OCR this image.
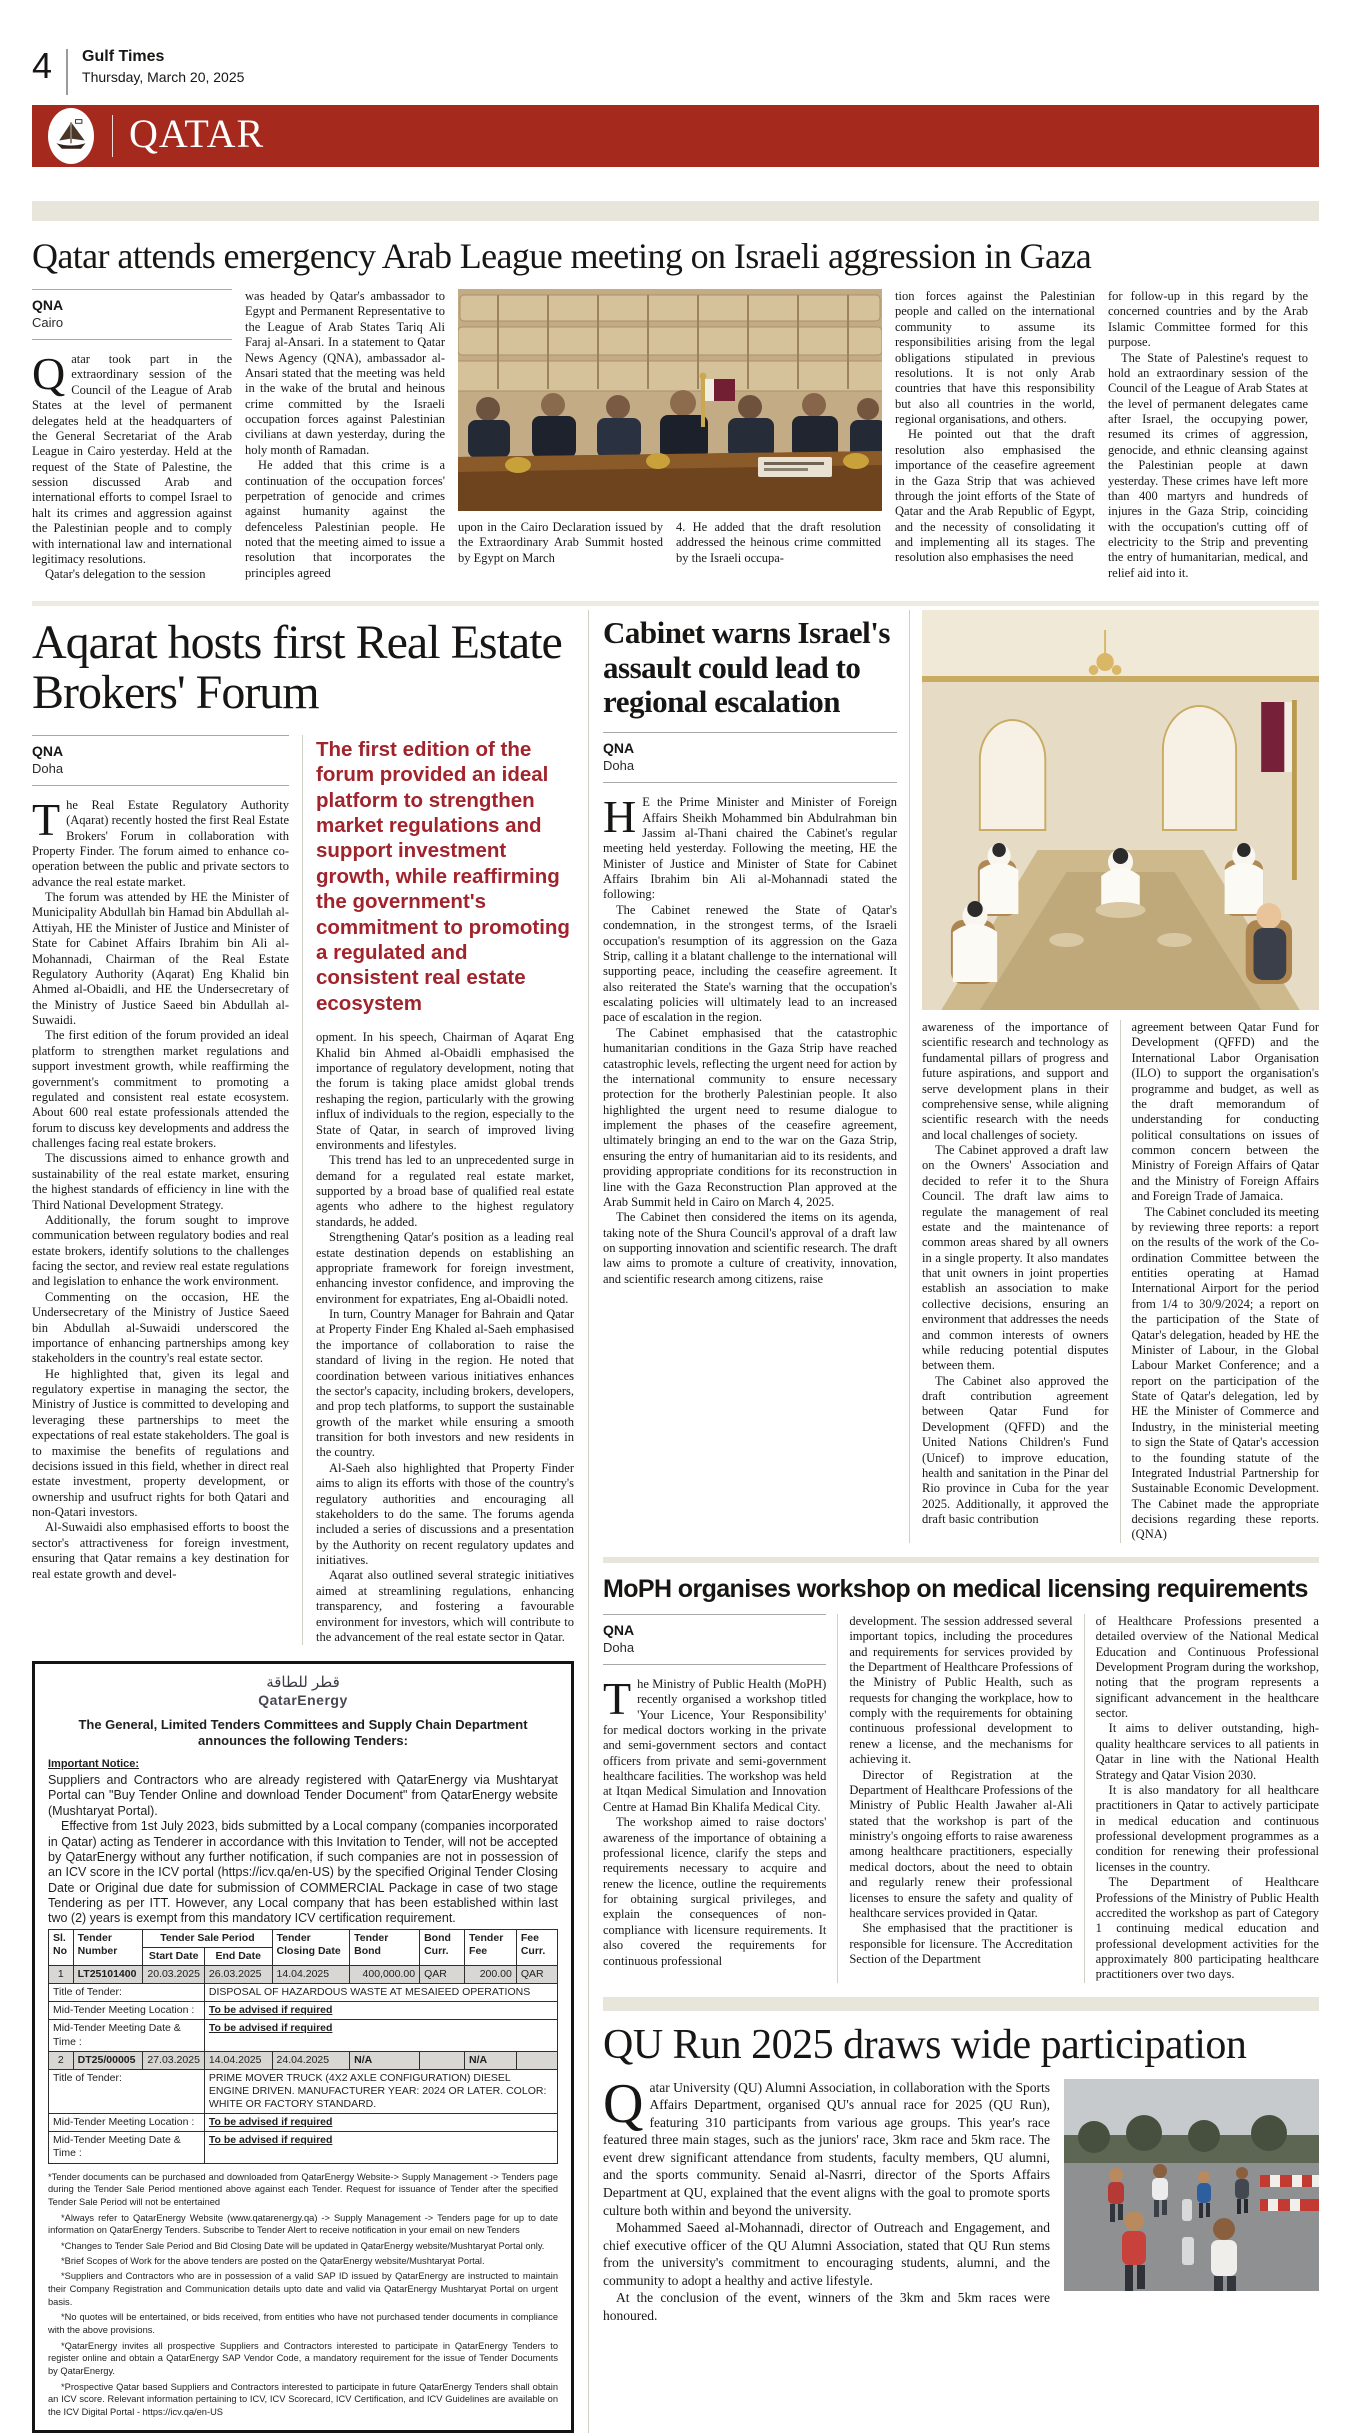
4 Gulf Times
Thursday, March 20, 2025
QATAR
Qatar attends emergency Arab League meeting on Israeli aggression in Gaza
QNA
Cairo
Q atar took part in the extraordinary session of the Council of the League of Arab States at the level of permanent delegates held at the headquarters of the General Secretariat of the Arab League in Cairo yesterday. Held at the request of the State of Palestine, the session discussed Arab and international efforts to compel Israel to halt its crimes and aggression against the Palestinian people and to comply with international law and international legitimacy resolutions.

Qatar's delegation to the session

was headed by Qatar's ambassador to Egypt and Permanent Representative to the League of Arab States Tariq Ali Faraj al-Ansari. In a statement to Qatar News Agency (QNA), ambassador al-Ansari stated that the meeting was held in the wake of the brutal and heinous crime committed by the Israeli occupation forces against Palestinian civilians at dawn yesterday, during the holy month of Ramadan.

He added that this crime is a continuation of the occupation forces' perpetration of genocide and crimes against humanity against the defenceless Palestinian people. He noted that the meeting aimed to issue a resolution that incorporates the principles agreed

upon in the Cairo Declaration issued by the Extraordinary Arab Summit hosted by Egypt on March

4. He added that the draft resolution addressed the heinous crime committed by the Israeli occupa-

tion forces against the Palestinian people and called on the international community to assume its responsibilities arising from the legal obligations stipulated in previous resolutions. It is not only Arab countries that have this responsibility but also all countries in the world, regional organisations, and others.

He pointed out that the draft resolution also emphasised the importance of the ceasefire agreement in the Gaza Strip that was achieved through the joint efforts of the State of Qatar and the Arab Republic of Egypt, and the necessity of consolidating it and implementing all its stages. The resolution also emphasises the need

for follow-up in this regard by the concerned countries and by the Arab Islamic Committee formed for this purpose.

The State of Palestine's request to hold an extraordinary session of the Council of the League of Arab States at the level of permanent delegates came after Israel, the occupying power, resumed its crimes of aggression, genocide, and ethnic cleansing against the Palestinian people at dawn yesterday. These crimes have left more than 400 martyrs and hundreds of injures in the Gaza Strip, coinciding with the occupation's cutting off of electricity to the Strip and preventing the entry of humanitarian, medical, and relief aid into it.

Aqarat hosts first Real Estate Brokers' Forum
QNA
Doha
T he Real Estate Regulatory Authority (Aqarat) recently hosted the first Real Estate Brokers' Forum in collaboration with Property Finder. The forum aimed to enhance co-operation between the public and private sectors to advance the real estate market.

The forum was attended by HE the Minister of Municipality Abdullah bin Hamad bin Abdullah al-Attiyah, HE the Minister of Justice and Minister of State for Cabinet Affairs Ibrahim bin Ali al-Mohannadi, Chairman of the Real Estate Regulatory Authority (Aqarat) Eng Khalid bin Ahmed al-Obaidli, and HE the Undersecretary of the Ministry of Justice Saeed bin Abdullah al-Suwaidi.

The first edition of the forum provided an ideal platform to strengthen market regulations and support investment growth, while reaffirming the government's commitment to promoting a regulated and consistent real estate ecosystem. About 600 real estate professionals attended the forum to discuss key developments and address the challenges facing real estate brokers.

The discussions aimed to enhance growth and sustainability of the real estate market, ensuring the highest standards of efficiency in line with the Third National Development Strategy.

Additionally, the forum sought to improve communication between regulatory bodies and real estate brokers, identify solutions to the challenges facing the sector, and review real estate regulations and legislation to enhance the work environment.

Commenting on the occasion, HE the Undersecretary of the Ministry of Justice Saeed bin Abdullah al-Suwaidi underscored the importance of enhancing partnerships among key stakeholders in the country's real estate sector.

He highlighted that, given its legal and regulatory expertise in managing the sector, the Ministry of Justice is committed to developing and leveraging these partnerships to meet the expectations of real estate stakeholders. The goal is to maximise the benefits of regulations and decisions issued in this field, whether in direct real estate investment, property development, or ownership and usufruct rights for both Qatari and non-Qatari investors.

Al-Suwaidi also emphasised efforts to boost the sector's attractiveness for foreign investment, ensuring that Qatar remains a key destination for real estate growth and devel-

The first edition of the forum provided an ideal platform to strengthen market regulations and support investment growth, while reaffirming the government's commitment to promoting a regulated and consistent real estate ecosystem

opment. In his speech, Chairman of Aqarat Eng Khalid bin Ahmed al-Obaidli emphasised the importance of regulatory development, noting that the forum is taking place amidst global trends reshaping the region, particularly with the growing influx of individuals to the region, especially to the State of Qatar, in search of improved living environments and lifestyles.

This trend has led to an unprecedented surge in demand for a regulated real estate market, supported by a broad base of qualified real estate agents who adhere to the highest regulatory standards, he added.

Strengthening Qatar's position as a leading real estate destination depends on establishing an appropriate framework for foreign investment, enhancing investor confidence, and improving the environment for expatriates, Eng al-Obaidli noted.

In turn, Country Manager for Bahrain and Qatar at Property Finder Eng Khaled al-Saeh emphasised the importance of collaboration to raise the standard of living in the region. He noted that coordination between various initiatives enhances the sector's capacity, including brokers, developers, and prop tech platforms, to support the sustainable growth of the market while ensuring a smooth transition for both investors and new residents in the country.

Al-Saeh also highlighted that Property Finder aims to align its efforts with those of the country's regulatory authorities and encouraging all stakeholders to do the same. The forums agenda included a series of discussions and a presentation by the Authority on recent regulatory updates and initiatives.

Aqarat also outlined several strategic initiatives aimed at streamlining regulations, enhancing transparency, and fostering a favourable environment for investors, which will contribute to the advancement of the real estate sector in Qatar.

قطر للطاقة
QatarEnergy
The General, Limited Tenders Committees and Supply Chain Department announces the following Tenders:
Important Notice:

Suppliers and Contractors who are already registered with QatarEnergy via Mushtaryat Portal can "Buy Tender Online and download Tender Document" from QatarEnergy website (Mushtaryat Portal).

Effective from 1st July 2023, bids submitted by a Local company (companies incorporated in Qatar) acting as Tenderer in accordance with this Invitation to Tender, will not be accepted by QatarEnergy without any further notification, if such companies are not in possession of an ICV score in the ICV portal (https://icv.qa/en-US) by the specified Original Tender Closing Date or Original due date for submission of COMMERCIAL Package in case of two stage Tendering as per ITT. However, any Local company that has been established within last two (2) years is exempt from this mandatory ICV certification requirement.

Sl. No	Tender Number	Tender Sale Period		Tender Closing Date	Tender Bond	Bond Curr.	Tender Fee	Fee Curr.
		Start Date	End Date					
1	LT25101400	20.03.2025	26.03.2025	14.04.2025	400,000.00	QAR	200.00	QAR
Title of Tender:			DISPOSAL OF HAZARDOUS WASTE AT MESAIEED OPERATIONS					
Mid-Tender Meeting Location :			To be advised if required					
Mid-Tender Meeting Date & Time :			To be advised if required					
2	DT25/00005	27.03.2025	14.04.2025	24.04.2025	N/A		N/A	
Title of Tender:			PRIME MOVER TRUCK (4X2 AXLE CONFIGURATION) DIESEL ENGINE DRIVEN. MANUFACTURER YEAR: 2024 OR LATER. COLOR: WHITE OR FACTORY STANDARD.					
Mid-Tender Meeting Location :			To be advised if required					
Mid-Tender Meeting Date & Time :			To be advised if required					

*Tender documents can be purchased and downloaded from QatarEnergy Website-> Supply Management -> Tenders page during the Tender Sale Period mentioned above against each Tender. Request for issuance of Tender after the specified Tender Sale Period will not be entertained

*Always refer to QatarEnergy Website (www.qatarenergy.qa) -> Supply Management -> Tenders page for up to date information on QatarEnergy Tenders. Subscribe to Tender Alert to receive notification in your email on new Tenders

*Changes to Tender Sale Period and Bid Closing Date will be updated in QatarEnergy website/Mushtaryat Portal only.

*Brief Scopes of Work for the above tenders are posted on the QatarEnergy website/Mushtaryat Portal.

*Suppliers and Contractors who are in possession of a valid SAP ID issued by QatarEnergy are instructed to maintain their Company Registration and Communication details upto date and valid via QatarEnergy Mushtaryat Portal on urgent basis.

*No quotes will be entertained, or bids received, from entities who have not purchased tender documents in compliance with the above provisions.

*QatarEnergy invites all prospective Suppliers and Contractors interested to participate in QatarEnergy Tenders to register online and obtain a QatarEnergy SAP Vendor Code, a mandatory requirement for the issue of Tender Documents by QatarEnergy.

*Prospective Qatar based Suppliers and Contractors interested to participate in future QatarEnergy Tenders shall obtain an ICV score. Relevant information pertaining to ICV, ICV Scorecard, ICV Certification, and ICV Guidelines are available on the ICV Digital Portal - https://icv.qa/en-US

Cabinet warns Israel's assault could lead to regional escalation
QNA
Doha
H E the Prime Minister and Minister of Foreign Affairs Sheikh Mohammed bin Abdulrahman bin Jassim al-Thani chaired the Cabinet's regular meeting held yesterday. Following the meeting, HE the Minister of Justice and Minister of State for Cabinet Affairs Ibrahim bin Ali al-Mohannadi stated the following:

The Cabinet renewed the State of Qatar's condemnation, in the strongest terms, of the Israeli occupation's resumption of its aggression on the Gaza Strip, calling it a blatant challenge to the international will supporting peace, including the ceasefire agreement. It also reiterated the State's warning that the occupation's escalating policies will ultimately lead to an increased pace of escalation in the region.

The Cabinet emphasised that the catastrophic humanitarian conditions in the Gaza Strip have reached catastrophic levels, reflecting the urgent need for action by the international community to ensure necessary protection for the brotherly Palestinian people. It also highlighted the urgent need to resume dialogue to implement the phases of the ceasefire agreement, ultimately bringing an end to the war on the Gaza Strip, ensuring the entry of humanitarian aid to its residents, and providing appropriate conditions for its reconstruction in line with the Gaza Reconstruction Plan approved at the Arab Summit held in Cairo on March 4, 2025.

The Cabinet then considered the items on its agenda, taking note of the Shura Council's approval of a draft law on supporting innovation and scientific research. The draft law aims to promote a culture of creativity, innovation, and scientific research among citizens, raise

awareness of the importance of scientific research and technology as fundamental pillars of progress and future aspirations, and support and serve development plans in their comprehensive sense, while aligning scientific research with the needs and local challenges of society.

The Cabinet approved a draft law on the Owners' Association and decided to refer it to the Shura Council. The draft law aims to regulate the management of real estate and the maintenance of common areas shared by all owners in a single property. It also mandates that unit owners in joint properties establish an association to make collective decisions, ensuring an environment that addresses the needs and common interests of owners while reducing potential disputes between them.

The Cabinet also approved the draft contribution agreement between Qatar Fund for Development (QFFD) and the United Nations Children's Fund (Unicef) to improve education, health and sanitation in the Pinar del Rio province in Cuba for the year 2025. Additionally, it approved the draft basic contribution

agreement between Qatar Fund for Development (QFFD) and the International Labor Organisation (ILO) to support the organisation's programme and budget, as well as the draft memorandum of understanding for conducting political consultations on issues of common concern between the Ministry of Foreign Affairs of Qatar and the Ministry of Foreign Affairs and Foreign Trade of Jamaica.

The Cabinet concluded its meeting by reviewing three reports: a report on the results of the work of the Co-ordination Committee between the entities operating at Hamad International Airport for the period from 1/4 to 30/9/2024; a report on the participation of the State of Qatar's delegation, headed by HE the Minister of Labour, in the Global Labour Market Conference; and a report on the participation of the State of Qatar's delegation, led by HE the Minister of Commerce and Industry, in the ministerial meeting to sign the State of Qatar's accession to the founding statute of the Integrated Industrial Partnership for Sustainable Economic Development. The Cabinet made the appropriate decisions regarding these reports. (QNA)

MoPH organises workshop on medical licensing requirements
QNA
Doha
T he Ministry of Public Health (MoPH) recently organised a workshop titled 'Your Licence, Your Responsibility' for medical doctors working in the private and semi-government sectors and contact officers from private and semi-government healthcare facilities. The workshop was held at Itqan Medical Simulation and Innovation Centre at Hamad Bin Khalifa Medical City.

The workshop aimed to raise doctors' awareness of the importance of obtaining a professional licence, clarify the steps and requirements necessary to acquire and renew the licence, outline the requirements for obtaining surgical privileges, and explain the consequences of non-compliance with licensure requirements. It also covered the requirements for continuous professional

development. The session addressed several important topics, including the procedures and requirements for services provided by the Department of Healthcare Professions of the Ministry of Public Health, such as requests for changing the workplace, how to comply with the requirements for obtaining continuous professional development to renew a license, and the mechanisms for achieving it.

Director of Registration at the Department of Healthcare Professions of the Ministry of Public Health Jawaher al-Ali stated that the workshop is part of the ministry's ongoing efforts to raise awareness among healthcare practitioners, especially medical doctors, about the need to obtain and regularly renew their professional licenses to ensure the safety and quality of healthcare services provided in Qatar.

She emphasised that the practitioner is responsible for licensure. The Accreditation Section of the Department

of Healthcare Professions presented a detailed overview of the National Medical Education and Continuous Professional Development Program during the workshop, noting that the program represents a significant advancement in the healthcare sector.

It aims to deliver outstanding, high-quality healthcare services to all patients in Qatar in line with the National Health Strategy and Qatar Vision 2030.

It is also mandatory for all healthcare practitioners in Qatar to actively participate in medical education and continuous professional development programmes as a condition for renewing their professional licenses in the country.

The Department of Healthcare Professions of the Ministry of Public Health accredited the workshop as part of Category 1 continuing medical education and professional development activities for the approximately 800 participating healthcare practitioners over two days.

QU Run 2025 draws wide participation
Q atar University (QU) Alumni Association, in collaboration with the Sports Affairs Department, organised QU's annual race for 2025 (QU Run), featuring 310 participants from various age groups. This year's race featured three main stages, such as the juniors' race, 3km race and 5km race. The event drew significant attendance from students, faculty members, QU alumni, and the sports community. Senaid al-Nasrri, director of the Sports Affairs Department at QU, explained that the event aligns with the goal to promote sports culture both within and beyond the university.

Mohammed Saeed al-Mohannadi, director of Outreach and Engagement, and chief executive officer of the QU Alumni Association, stated that QU Run stems from the university's commitment to encouraging students, alumni, and the community to adopt a healthy and active lifestyle.

At the conclusion of the event, winners of the 3km and 5km races were honoured.
